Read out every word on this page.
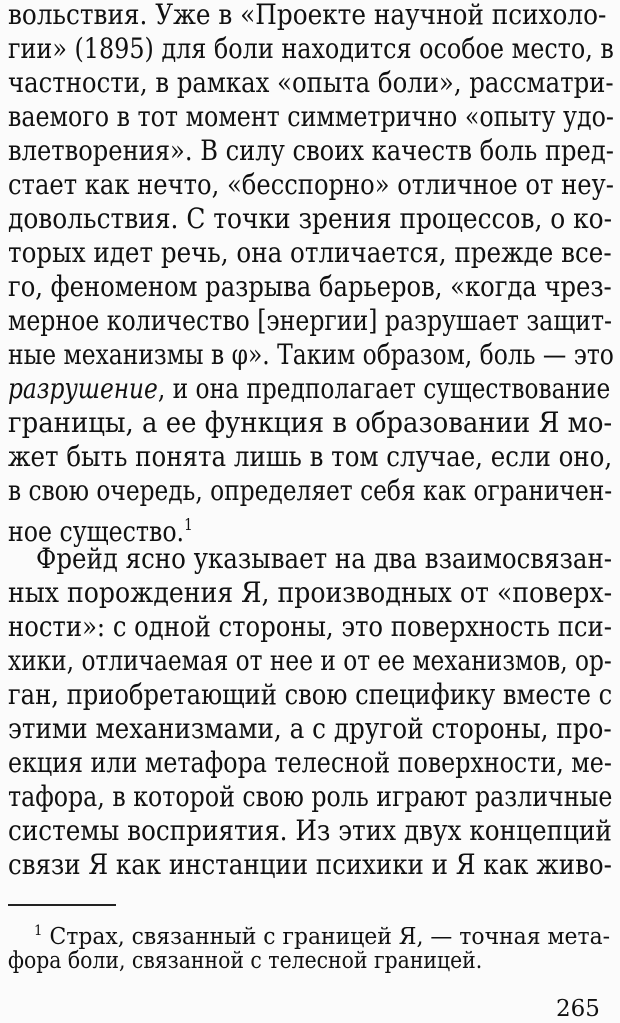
вольствия. Уже в «Проекте научной психоло-
гии» (1895) для боли находится особое место, в
частности, в рамках «опыта боли», рассматри-
ваемого в тот момент симметрично «опыту удо-
влетворения». В силу своих качеств боль пред-
стает как нечто, «бесспорно» отличное от неу-
довольствия. С точки зрения процессов, о ко-
торых идет речь, она отличается, прежде все-
го, феноменом разрыва барьеров, «когда чрез-
мерное количество [энергии] разрушает защит-
ные механизмы в φ». Таким образом, боль — это
разрушение, и она предполагает существование
границы, а ее функция в образовании Я мо-
жет быть понята лишь в том случае, если оно,
в свою очередь, определяет себя как ограничен-
ное существо.$^1$
Фрейд ясно указывает на два взаимосвязан-
ных порождения Я, производных от «поверх-
ности»: с одной стороны, это поверхность пси-
хики, отличаемая от нее и от ее механизмов, ор-
ган, приобретающий свою специфику вместе с
этими механизмами, а с другой стороны, про-
екция или метафора телесной поверхности, ме-
тафора, в которой свою роль играют различные
системы восприятия. Из этих двух концепций
связи Я как инстанции психики и Я как живо-
$^1$ Страх, связанный с границей Я, — точная мета-
фора боли, связанной с телесной границей.
265
